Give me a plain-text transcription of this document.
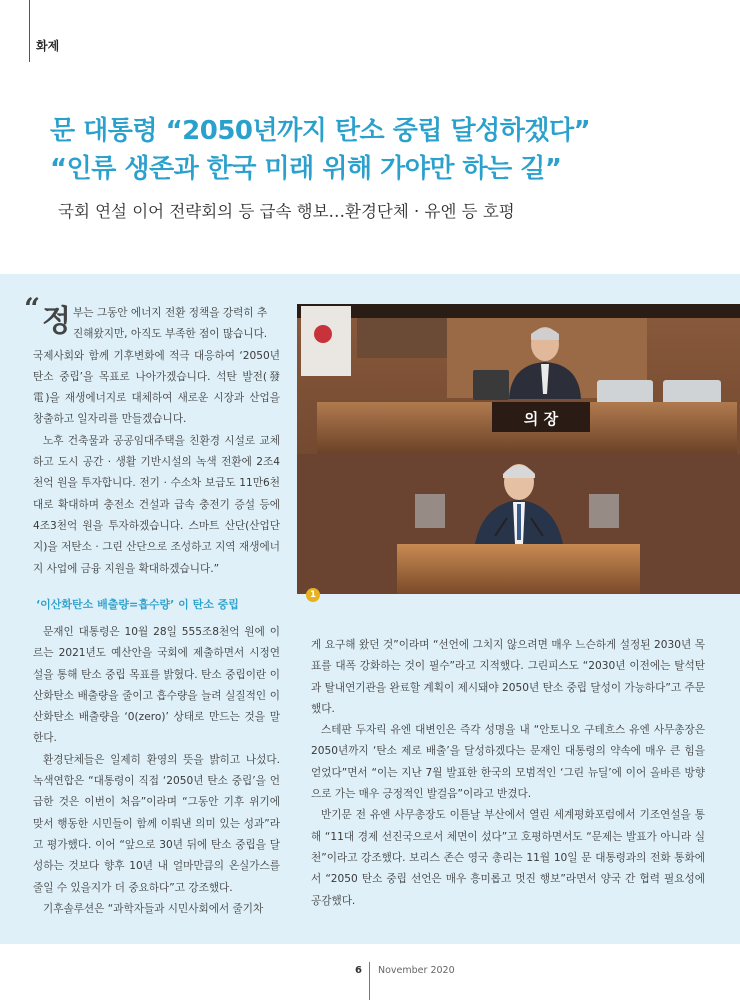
화제
문 대통령 “2050년까지 탄소 중립 달성하겠다”
“인류 생존과 한국 미래 위해 가야만 하는 길”
국회 연설 이어 전략회의 등 급속 행보…환경단체 · 유엔 등 호평
“ 정 부는 그동안 에너지 전환 정책을 강력히 추

진해왔지만, 아직도 부족한 점이 많습니다.

국제사회와 함께 기후변화에 적극 대응하여 ‘2050년 탄소 중립’을 목표로 나아가겠습니다. 석탄 발전(發電)을 재생에너지로 대체하여 새로운 시장과 산업을 창출하고 일자리를 만들겠습니다.

노후 건축물과 공공임대주택을 친환경 시설로 교체하고 도시 공간 · 생활 기반시설의 녹색 전환에 2조4천억 원을 투자합니다. 전기 · 수소차 보급도 11만6천 대로 확대하며 충전소 건설과 급속 충전기 증설 등에 4조3천억 원을 투자하겠습니다. 스마트 산단(산업단지)을 저탄소 · 그린 산단으로 조성하고 지역 재생에너지 사업에 금융 지원을 확대하겠습니다.”

‘이산화탄소 배출량=흡수량’ 이 탄소 중립

문재인 대통령은 10월 28일 555조8천억 원에 이르는 2021년도 예산안을 국회에 제출하면서 시정연설을 통해 탄소 중립 목표를 밝혔다. 탄소 중립이란 이산화탄소 배출량을 줄이고 흡수량을 늘려 실질적인 이산화탄소 배출량을 ‘0(zero)’ 상태로 만드는 것을 말한다.

환경단체들은 일제히 환영의 뜻을 밝히고 나섰다. 녹색연합은 “대통령이 직접 ‘2050년 탄소 중립’을 언급한 것은 이번이 처음”이라며 “그동안 기후 위기에 맞서 행동한 시민들이 함께 이뤄낸 의미 있는 성과”라고 평가했다. 이어 “앞으로 30년 뒤에 탄소 중립을 달성하는 것보다 향후 10년 내 얼마만큼의 온실가스를 줄일 수 있을지가 더 중요하다”고 강조했다.

기후솔루션은 “과학자들과 시민사회에서 줄기차

게 요구해 왔던 것”이라며 “선언에 그치지 않으려면 매우 느슨하게 설정된 2030년 목표를 대폭 강화하는 것이 필수”라고 지적했다. 그린피스도 “2030년 이전에는 탈석탄과 탈내연기관을 완료할 계획이 제시돼야 2050년 탄소 중립 달성이 가능하다”고 주문했다.

스테판 두자릭 유엔 대변인은 즉각 성명을 내 “안토니오 구테흐스 유엔 사무총장은 2050년까지 ‘탄소 제로 배출’을 달성하겠다는 문재인 대통령의 약속에 매우 큰 힘을 얻었다”면서 “이는 지난 7월 발표한 한국의 모범적인 ‘그린 뉴딜’에 이어 올바른 방향으로 가는 매우 긍정적인 발걸음”이라고 반겼다.

반기문 전 유엔 사무총장도 이튿날 부산에서 열린 세계평화포럼에서 기조연설을 통해 “11대 경제 선진국으로서 체면이 섰다”고 호평하면서도 “문제는 발표가 아니라 실천”이라고 강조했다. 보리스 존슨 영국 총리는 11월 10일 문 대통령과의 전화 통화에서 “2050 탄소 중립 선언은 매우 흥미롭고 멋진 행보”라면서 양국 간 협력 필요성에 공감했다.

의 장
1
6 November 2020
